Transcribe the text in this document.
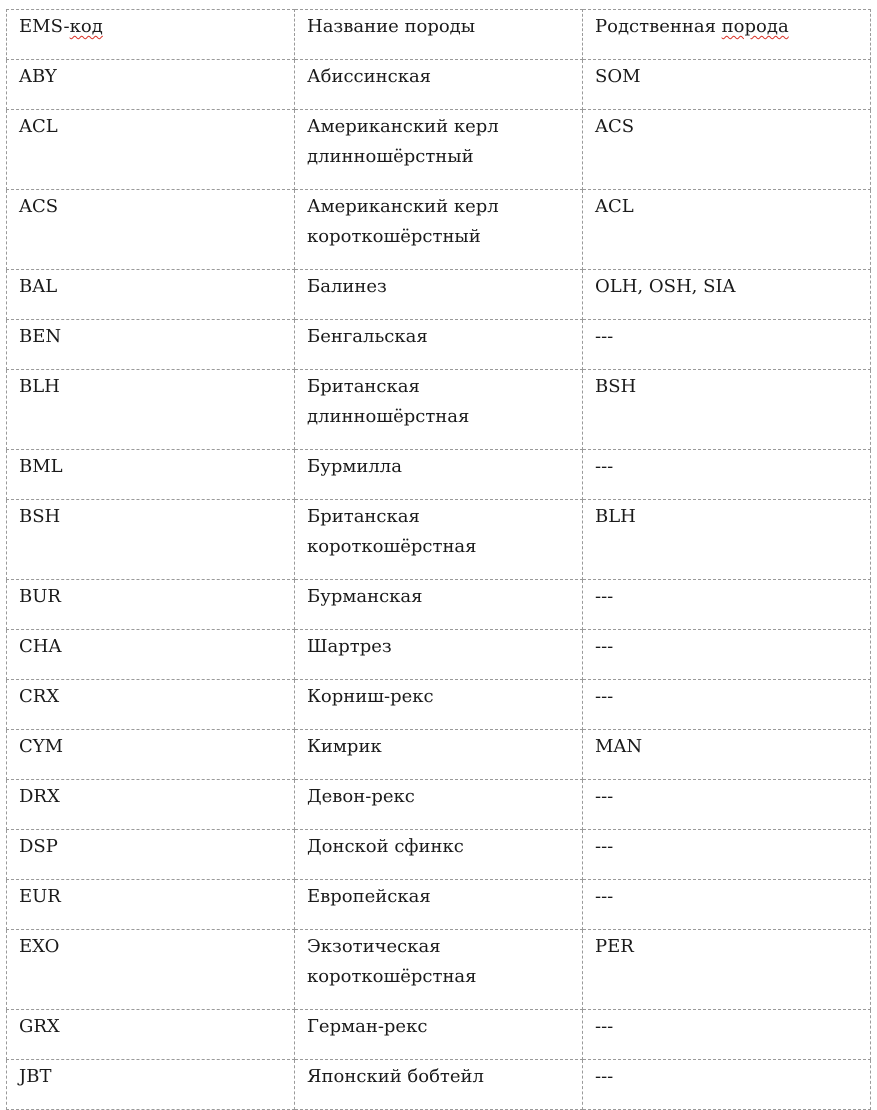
EMS-код	Название породы	Родственная порода
ABY	Абиссинская	SOM
ACL	Американский керл длинношёрстный	ACS
ACS	Американский керл короткошёрстный	ACL
BAL	Балинез	OLH, OSH, SIA
BEN	Бенгальская	---
BLH	Британская длинношёрстная	BSH
BML	Бурмилла	---
BSH	Британская короткошёрстная	BLH
BUR	Бурманская	---
CHA	Шартрез	---
CRX	Корниш-рекс	---
CYM	Кимрик	MAN
DRX	Девон-рекс	---
DSP	Донской сфинкс	---
EUR	Европейская	---
EXO	Экзотическая короткошёрстная	PER
GRX	Герман-рекс	---
JBT	Японский бобтейл	---
